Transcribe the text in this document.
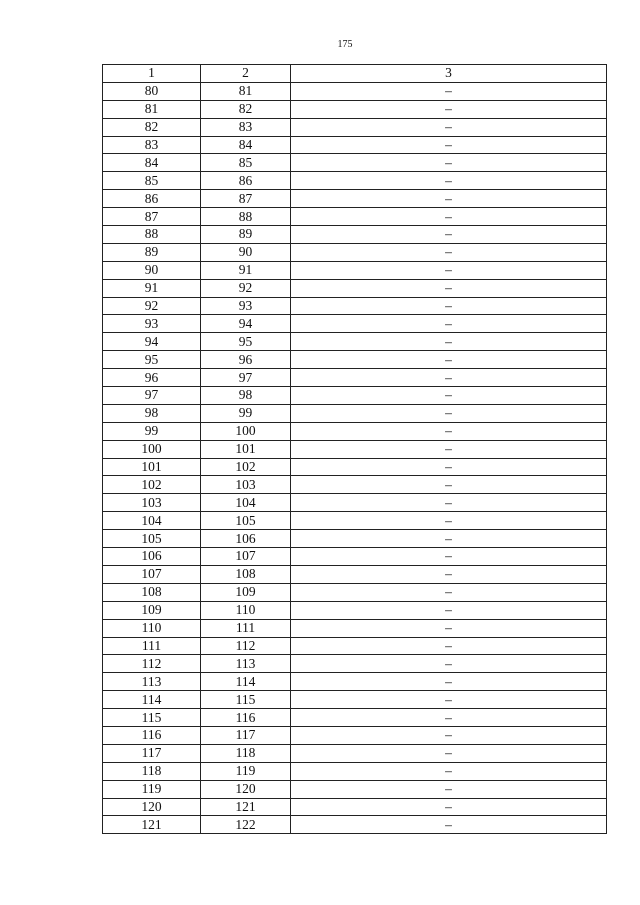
175
1	2	3
80	81	–
81	82	–
82	83	–
83	84	–
84	85	–
85	86	–
86	87	–
87	88	–
88	89	–
89	90	–
90	91	–
91	92	–
92	93	–
93	94	–
94	95	–
95	96	–
96	97	–
97	98	–
98	99	–
99	100	–
100	101	–
101	102	–
102	103	–
103	104	–
104	105	–
105	106	–
106	107	–
107	108	–
108	109	–
109	110	–
110	111	–
111	112	–
112	113	–
113	114	–
114	115	–
115	116	–
116	117	–
117	118	–
118	119	–
119	120	–
120	121	–
121	122	–
